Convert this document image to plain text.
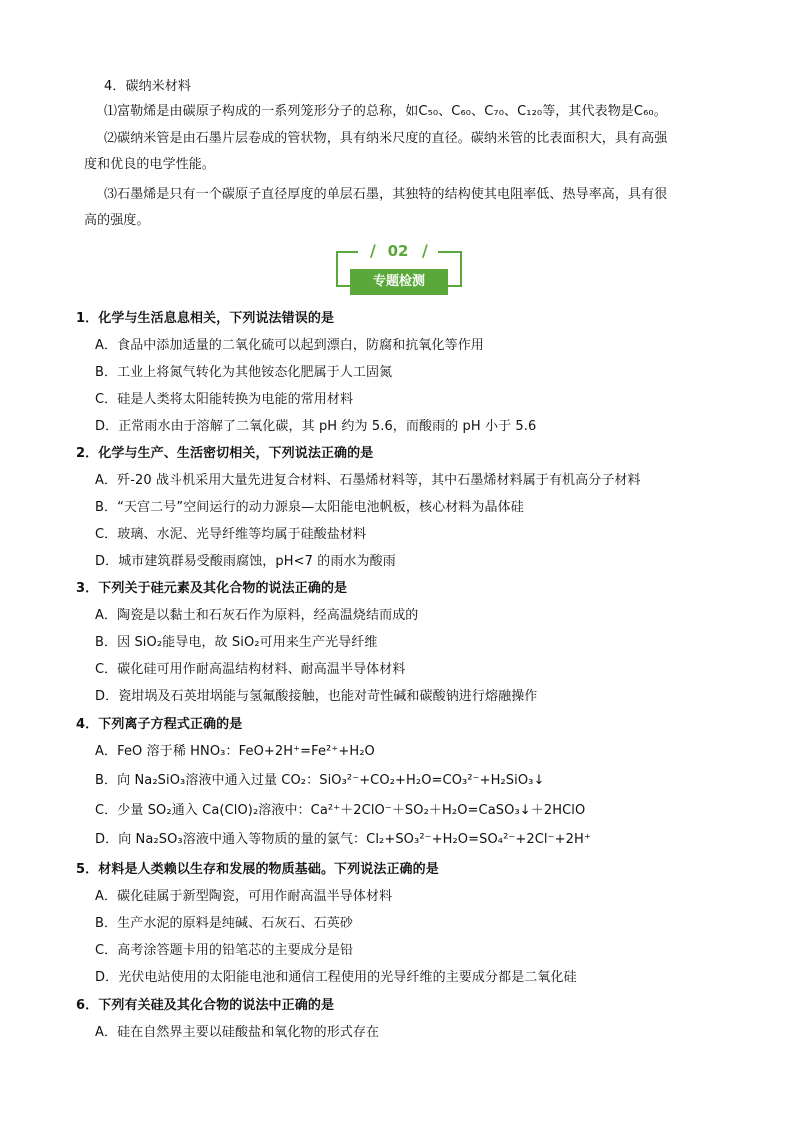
4．碳纳米材料
⑴富勒烯是由碳原子构成的一系列笼形分子的总称，如C₅₀、C₆₀、C₇₀、C₁₂₀等，其代表物是C₆₀。
⑵碳纳米管是由石墨片层卷成的管状物，具有纳米尺度的直径。碳纳米管的比表面积大，具有高强
度和优良的电学性能。
⑶石墨烯是只有一个碳原子直径厚度的单层石墨，其独特的结构使其电阻率低、热导率高，具有很
高的强度。
/ 02 /
专题检测
1．化学与生活息息相关，下列说法错误的是
A．食品中添加适量的二氧化硫可以起到漂白，防腐和抗氧化等作用
B．工业上将氮气转化为其他铵态化肥属于人工固氮
C．硅是人类将太阳能转换为电能的常用材料
D．正常雨水由于溶解了二氧化碳，其 pH 约为 5.6，而酸雨的 pH 小于 5.6
2．化学与生产、生活密切相关，下列说法正确的是
A．歼-20 战斗机采用大量先进复合材料、石墨烯材料等，其中石墨烯材料属于有机高分子材料
B．“天宫二号”空间运行的动力源泉—太阳能电池帆板，核心材料为晶体硅
C．玻璃、水泥、光导纤维等均属于硅酸盐材料
D．城市建筑群易受酸雨腐蚀，pH<7 的雨水为酸雨
3．下列关于硅元素及其化合物的说法正确的是
A．陶瓷是以黏土和石灰石作为原料，经高温烧结而成的
B．因 SiO₂能导电，故 SiO₂可用来生产光导纤维
C．碳化硅可用作耐高温结构材料、耐高温半导体材料
D．瓷坩埚及石英坩埚能与氢氟酸接触，也能对苛性碱和碳酸钠进行熔融操作
4．下列离子方程式正确的是
A．FeO 溶于稀 HNO₃：FeO+2H⁺=Fe²⁺+H₂O
B．向 Na₂SiO₃溶液中通入过量 CO₂：SiO₃²⁻+CO₂+H₂O=CO₃²⁻+H₂SiO₃↓
C．少量 SO₂通入 Ca(ClO)₂溶液中：Ca²⁺＋2ClO⁻＋SO₂＋H₂O=CaSO₃↓＋2HClO
D．向 Na₂SO₃溶液中通入等物质的量的氯气：Cl₂+SO₃²⁻+H₂O=SO₄²⁻+2Cl⁻+2H⁺
5．材料是人类赖以生存和发展的物质基础。下列说法正确的是
A．碳化硅属于新型陶瓷，可用作耐高温半导体材料
B．生产水泥的原料是纯碱、石灰石、石英砂
C．高考涂答题卡用的铅笔芯的主要成分是铅
D．光伏电站使用的太阳能电池和通信工程使用的光导纤维的主要成分都是二氧化硅
6．下列有关硅及其化合物的说法中正确的是
A．硅在自然界主要以硅酸盐和氧化物的形式存在
